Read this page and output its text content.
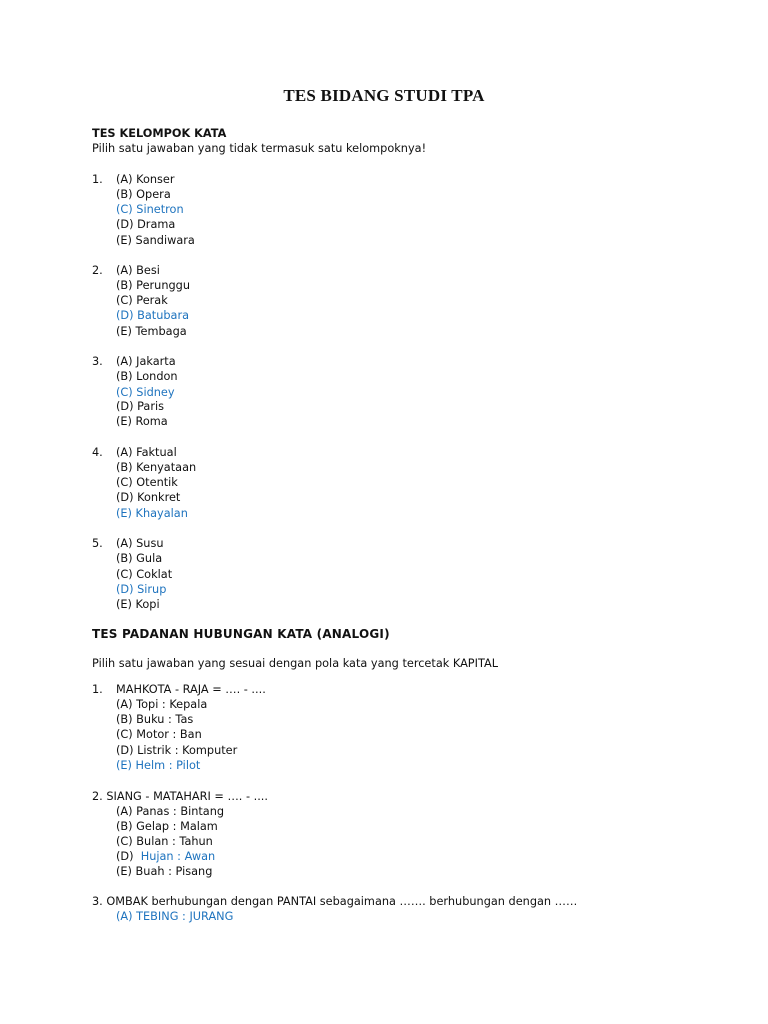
TES BIDANG STUDI TPA
TES KELOMPOK KATA
Pilih satu jawaban yang tidak termasuk satu kelompoknya!
1. (A) Konser
(B) Opera
(C) Sinetron
(D) Drama
(E) Sandiwara
2. (A) Besi
(B) Perunggu
(C) Perak
(D) Batubara
(E) Tembaga
3. (A) Jakarta
(B) London
(C) Sidney
(D) Paris
(E) Roma
4. (A) Faktual
(B) Kenyataan
(C) Otentik
(D) Konkret
(E) Khayalan
5. (A) Susu
(B) Gula
(C) Coklat
(D) Sirup
(E) Kopi
TES PADANAN HUBUNGAN KATA (ANALOGI)
Pilih satu jawaban yang sesuai dengan pola kata yang tercetak KAPITAL
1. MAHKOTA - RAJA = …. - ....
(A) Topi : Kepala
(B) Buku : Tas
(C) Motor : Ban
(D) Listrik : Komputer
(E) Helm : Pilot
2. SIANG - MATAHARI = …. - ....
(A) Panas : Bintang
(B) Gelap : Malam
(C) Bulan : Tahun
(D)  Hujan : Awan
(E) Buah : Pisang
3. OMBAK berhubungan dengan PANTAI sebagaimana ……. berhubungan dengan ……
(A) TEBING : JURANG
